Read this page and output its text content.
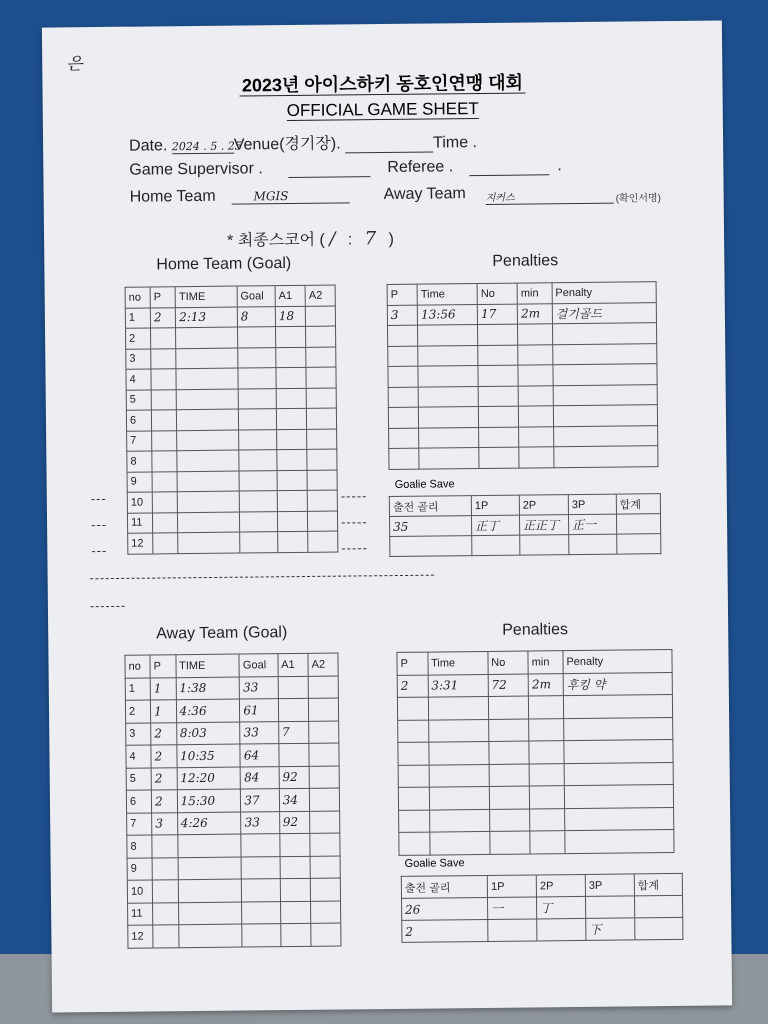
은
2023년 아이스하키 동호인연맹 대회
OFFICIAL GAME SHEET
Date. 2024 . 5 . 25Venue(경기장).	Time .
Game Supervisor .	Referee .	.
Home Team	MGIS	Away Team 지커스	(확인서명)
* 최종스코어 ( / : 7 )
Home Team (Goal)	Penalties
no	P	TIME	Goal	A1	A2
1	2	2:13	8	18	
2					
3					
4					
5					
6					
7					
8					
9					
10					
11					
12					
P	Time	No	min	Penalty
3	13:56	17	2m	걸기골드

Goalie Save
출전 골리	1P	2P	3P	합계
35	正丁	正正丁	正一	

---
---
---
-----
-----
-----
-------------------------------------------------------------------
-------
Away Team (Goal)	Penalties
no	P	TIME	Goal	A1	A2
1	1	1:38	33		
2	1	4:36	61		
3	2	8:03	33	7	
4	2	10:35	64		
5	2	12:20	84	92	
6	2	15:30	37	34	
7	3	4:26	33	92	
8					
9					
10					
11					
12					
P	Time	No	min	Penalty
2	3:31	72	2m	후킹 약

Goalie Save
출전 골리	1P	2P	3P	합계
26	一	丁		
2			下	
